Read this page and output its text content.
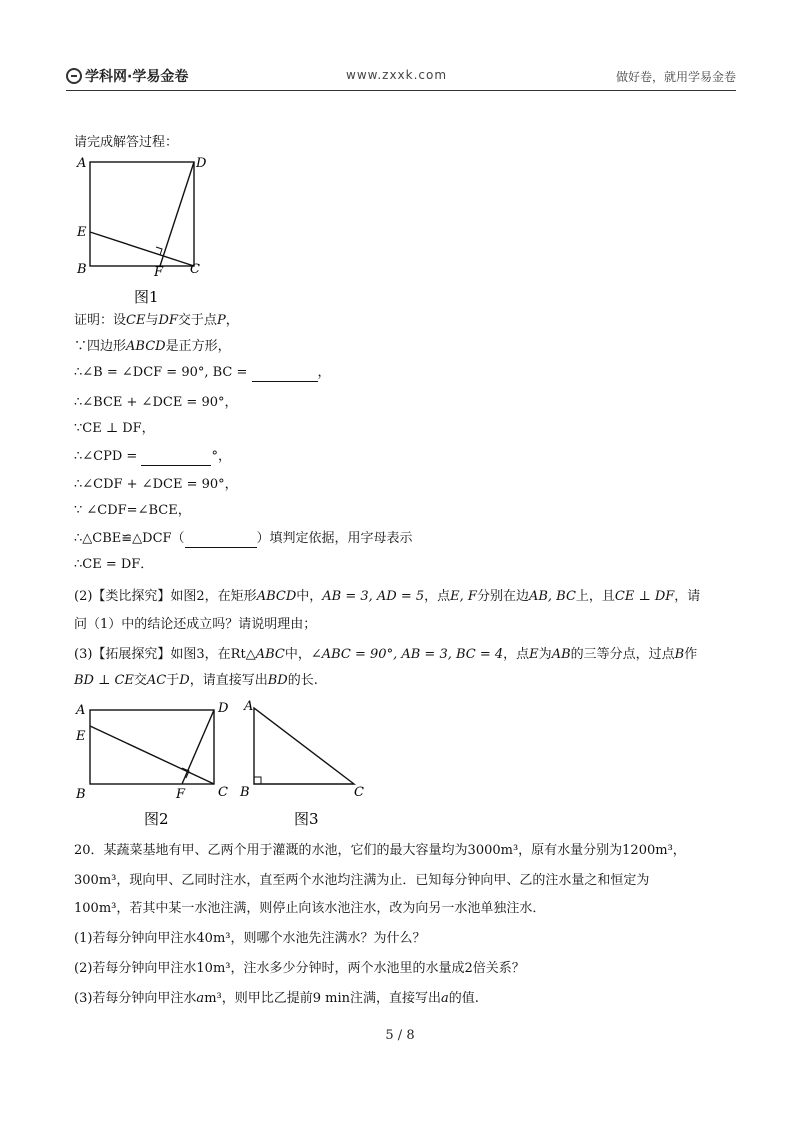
学科网·学易金卷	www.zxxk.com	做好卷，就用学易金卷
请完成解答过程：
A	D
E
B	F C
图1
证明：设CE与DF交于点P，
∵四边形ABCD是正方形，
∴∠B = ∠DCF = 90°, BC =	，
∴∠BCE + ∠DCE = 90°，
∵CE ⊥ DF，
∴∠CPD =	°，
∴∠CDF + ∠DCE = 90°，
∵ ∠CDF=∠BCE，
∴△CBE≌△DCF（	）填判定依据，用字母表示
∴CE = DF．
(2)【类比探究】如图2，在矩形ABCD中，AB = 3, AD = 5，点E, F分别在边AB, BC上，且CE ⊥ DF，请
问（1）中的结论还成立吗？请说明理由；
(3)【拓展探究】如图3，在Rt△ABC中，∠ABC = 90°, AB = 3, BC = 4，点E为AB的三等分点，过点B作
BD ⊥ CE交AC于D，请直接写出BD的长.
A	D
E
B	F	C
图2
A
B	C
图3
20．某蔬菜基地有甲、乙两个用于灌溉的水池，它们的最大容量均为3000m³，原有水量分别为1200m³，
300m³，现向甲、乙同时注水，直至两个水池均注满为止．已知每分钟向甲、乙的注水量之和恒定为
100m³，若其中某一水池注满，则停止向该水池注水，改为向另一水池单独注水．
(1)若每分钟向甲注水40m³，则哪个水池先注满水？为什么？
(2)若每分钟向甲注水10m³，注水多少分钟时，两个水池里的水量成2倍关系？
(3)若每分钟向甲注水am³，则甲比乙提前9 min注满，直接写出a的值.
5 / 8
